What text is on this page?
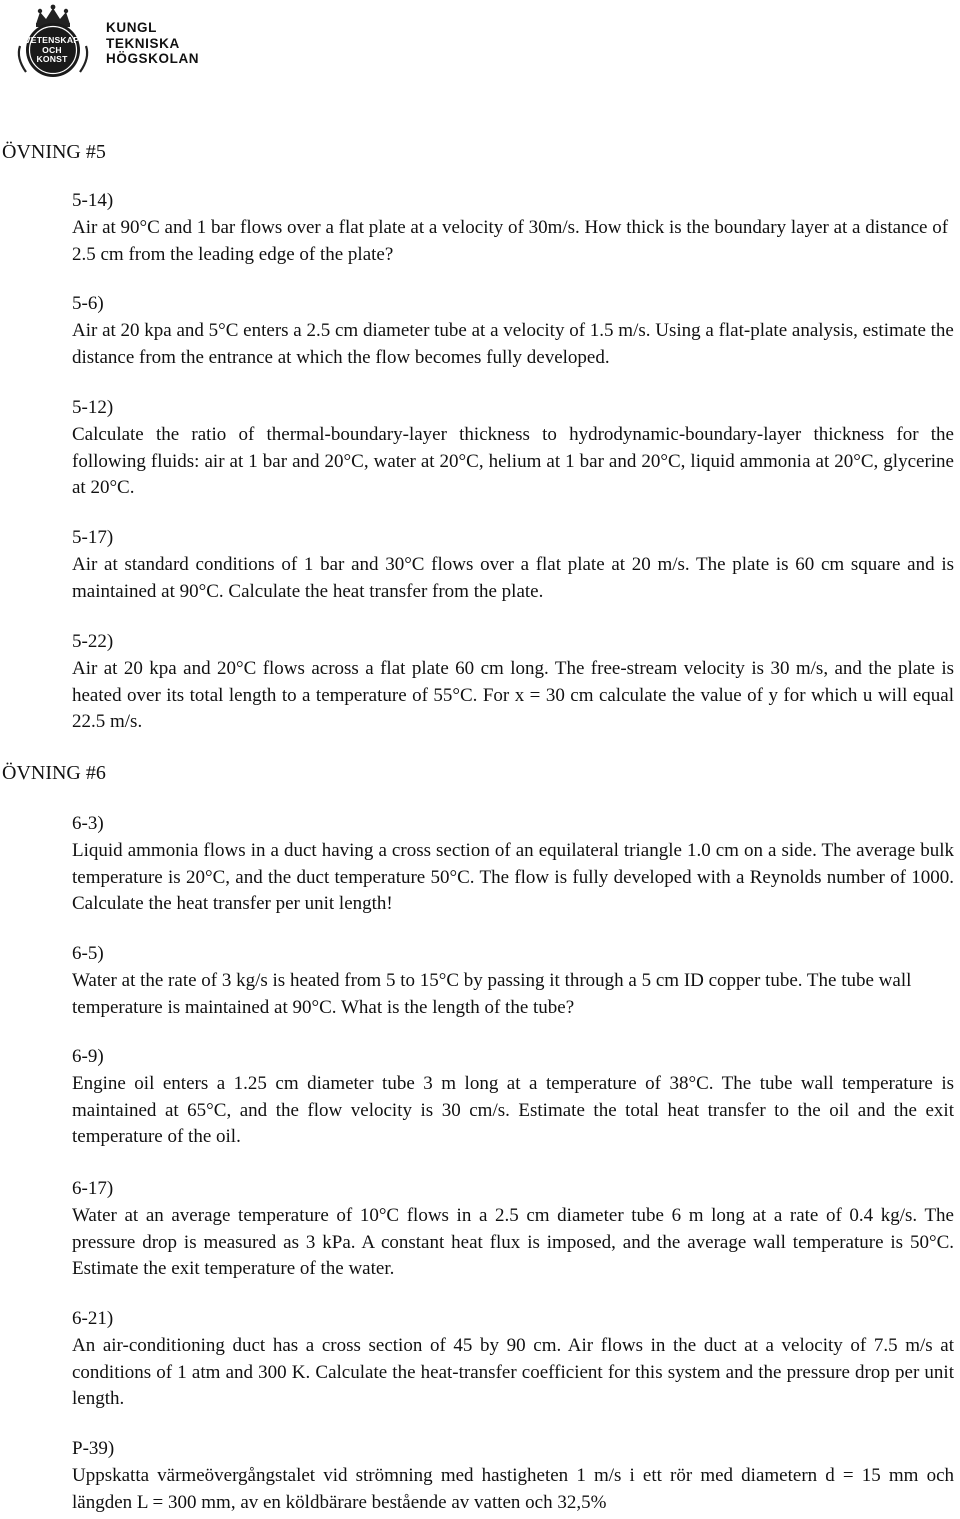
VETENSKAP
OCH
KONST
KUNGL
TEKNISKA
HÖGSKOLAN
ÖVNING #5
5-14)
Air at 90°C and 1 bar flows over a flat plate at a velocity of 30m/s. How thick is the boundary layer at a distance of 2.5 cm from the leading edge of the plate?
5-6)
Air at 20 kpa and 5°C enters a 2.5 cm diameter tube at a velocity of 1.5 m/s. Using a flat-plate analysis, estimate the distance from the entrance at which the flow becomes fully developed.
5-12)
Calculate the ratio of thermal-boundary-layer thickness to hydrodynamic-boundary-layer thickness for the following fluids: air at 1 bar and 20°C, water at 20°C, helium at 1 bar and 20°C, liquid ammonia at 20°C, glycerine at 20°C.
5-17)
Air at standard conditions of 1 bar and 30°C flows over a flat plate at 20 m/s. The plate is 60 cm square and is maintained at 90°C. Calculate the heat transfer from the plate.
5-22)
Air at 20 kpa and 20°C flows across a flat plate 60 cm long. The free-stream velocity is 30 m/s, and the plate is heated over its total length to a temperature of 55°C. For x = 30 cm calculate the value of y for which u will equal 22.5 m/s.
ÖVNING #6
6-3)
Liquid ammonia flows in a duct having a cross section of an equilateral triangle 1.0 cm on a side. The average bulk temperature is 20°C, and the duct temperature 50°C. The flow is fully developed with a Reynolds number of 1000. Calculate the heat transfer per unit length!
6-5)
Water at the rate of 3 kg/s is heated from 5 to 15°C by passing it through a 5 cm ID copper tube. The tube wall temperature is maintained at 90°C. What is the length of the tube?
6-9)
Engine oil enters a 1.25 cm diameter tube 3 m long at a temperature of 38°C. The tube wall temperature is maintained at 65°C, and the flow velocity is 30 cm/s. Estimate the total heat transfer to the oil and the exit temperature of the oil.
6-17)
Water at an average temperature of 10°C flows in a 2.5 cm diameter tube 6 m long at a rate of 0.4 kg/s. The pressure drop is measured as 3 kPa. A constant heat flux is imposed, and the average wall temperature is 50°C. Estimate the exit temperature of the water.
6-21)
An air-conditioning duct has a cross section of 45 by 90 cm. Air flows in the duct at a velocity of 7.5 m/s at conditions of 1 atm and 300 K. Calculate the heat-transfer coefficient for this system and the pressure drop per unit length.
P-39)
Uppskatta värmeövergångstalet vid strömning med hastigheten 1 m/s i ett rör med diametern d = 15 mm och längden L = 300 mm, av en köldbärare bestående av vatten och 32,5%
